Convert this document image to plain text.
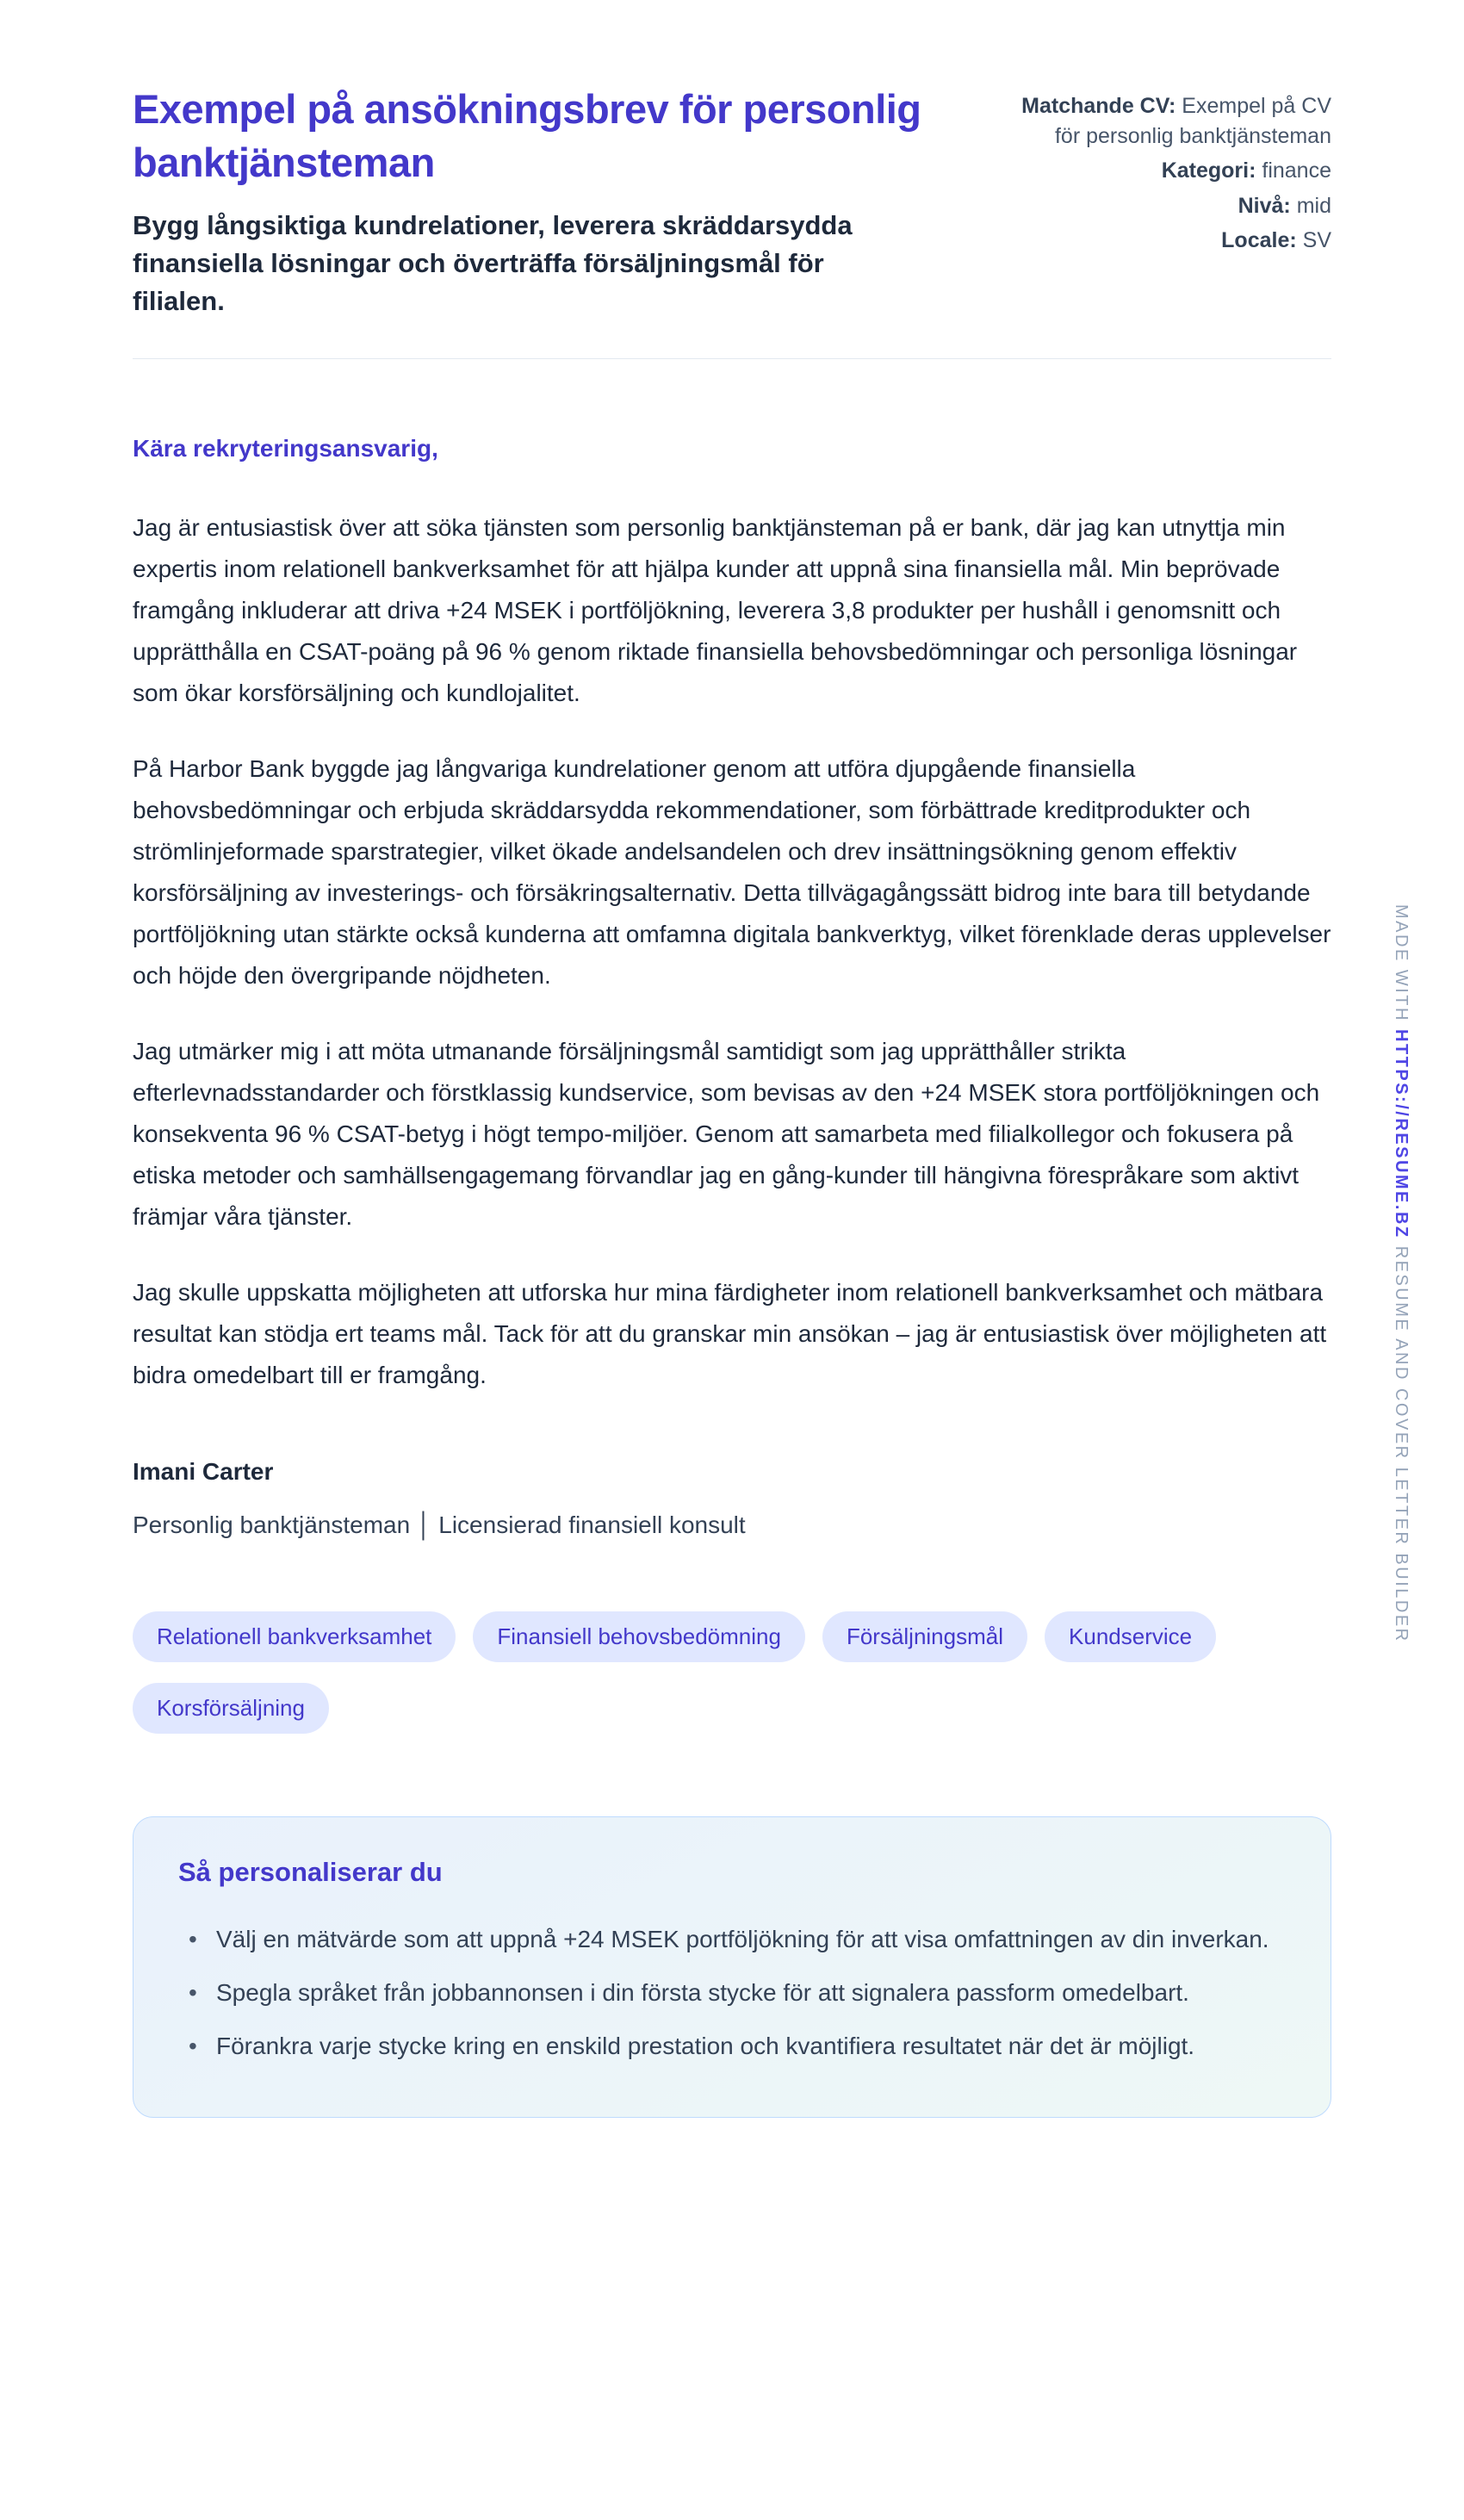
Exempel på ansökningsbrev för personlig banktjänsteman

Bygg långsiktiga kundrelationer, leverera skräddarsydda finansiella lösningar och överträffa försäljningsmål för filialen.

Matchande CV: Exempel på CV för personlig banktjänsteman

Kategori: finance

Nivå: mid

Locale: SV

Kära rekryteringsansvarig,

Jag är entusiastisk över att söka tjänsten som personlig banktjänsteman på er bank, där jag kan utnyttja min expertis inom relationell bankverksamhet för att hjälpa kunder att uppnå sina finansiella mål. Min beprövade framgång inkluderar att driva +24 MSEK i portföljökning, leverera 3,8 produkter per hushåll i genomsnitt och upprätthålla en CSAT-poäng på 96 % genom riktade finansiella behovsbedömningar och personliga lösningar som ökar korsförsäljning och kundlojalitet.

På Harbor Bank byggde jag långvariga kundrelationer genom att utföra djupgående finansiella behovsbedömningar och erbjuda skräddarsydda rekommendationer, som förbättrade kreditprodukter och strömlinjeformade sparstrategier, vilket ökade andelsandelen och drev insättningsökning genom effektiv korsförsäljning av investerings- och försäkringsalternativ. Detta tillvägagångssätt bidrog inte bara till betydande portföljökning utan stärkte också kunderna att omfamna digitala bankverktyg, vilket förenklade deras upplevelser och höjde den övergripande nöjdheten.

Jag utmärker mig i att möta utmanande försäljningsmål samtidigt som jag upprätthåller strikta efterlevnadsstandarder och förstklassig kundservice, som bevisas av den +24 MSEK stora portföljökningen och konsekventa 96 % CSAT-betyg i högt tempo-miljöer. Genom att samarbeta med filialkollegor och fokusera på etiska metoder och samhällsengagemang förvandlar jag en gång-kunder till hängivna förespråkare som aktivt främjar våra tjänster.

Jag skulle uppskatta möjligheten att utforska hur mina färdigheter inom relationell bankverksamhet och mätbara resultat kan stödja ert teams mål. Tack för att du granskar min ansökan – jag är entusiastisk över möjligheten att bidra omedelbart till er framgång.

Imani Carter

Personlig banktjänsteman │ Licensierad finansiell konsult

Relationell bankverksamhet	Finansiell behovsbedömning	Försäljningsmål	Kundservice
Korsförsäljning
Så personaliserar du
• Välj en mätvärde som att uppnå +24 MSEK portföljökning för att visa omfattningen av din inverkan.
• Spegla språket från jobbannonsen i din första stycke för att signalera passform omedelbart.
• Förankra varje stycke kring en enskild prestation och kvantifiera resultatet när det är möjligt.
MADE WITH HTTPS://RESUME.BZ RESUME AND COVER LETTER BUILDER
